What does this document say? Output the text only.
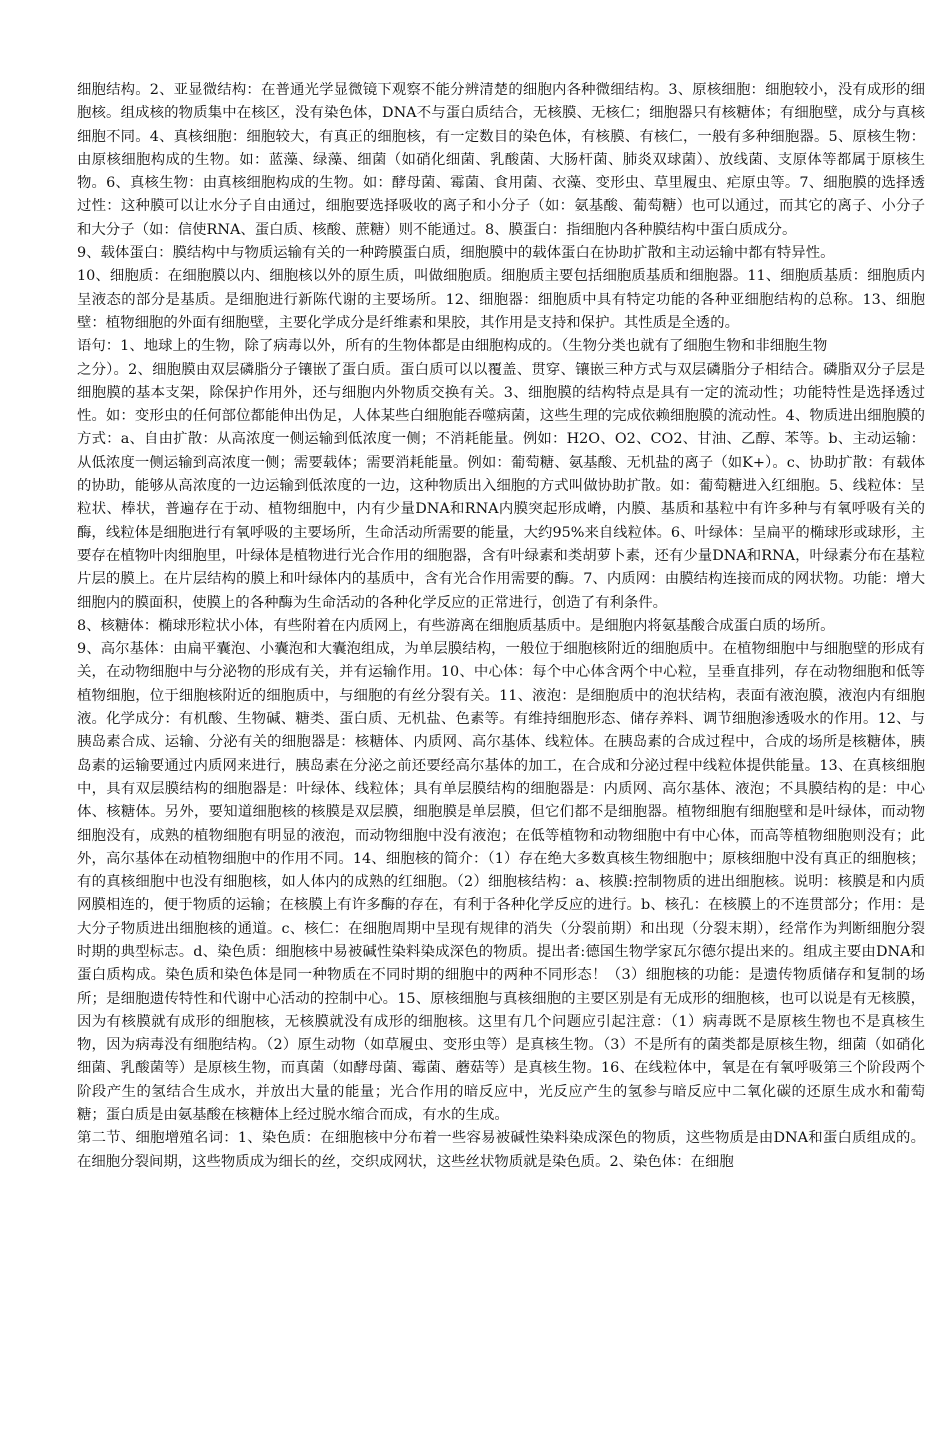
细胞结构。2、亚显微结构：在普通光学显微镜下观察不能分辨清楚的细胞内各种微细结构。3、原核细胞：细胞较小，没有成形的细胞核。组成核的物质集中在核区，没有染色体，DNA不与蛋白质结合，无核膜、无核仁；细胞器只有核糖体；有细胞壁，成分与真核细胞不同。4、真核细胞：细胞较大，有真正的细胞核，有一定数目的染色体，有核膜、有核仁，一般有多种细胞器。5、原核生物：由原核细胞构成的生物。如：蓝藻、绿藻、细菌（如硝化细菌、乳酸菌、大肠杆菌、肺炎双球菌）、放线菌、支原体等都属于原核生物。6、真核生物：由真核细胞构成的生物。如：酵母菌、霉菌、食用菌、衣藻、变形虫、草里履虫、疟原虫等。7、细胞膜的选择透过性：这种膜可以让水分子自由通过，细胞要选择吸收的离子和小分子（如：氨基酸、葡萄糖）也可以通过，而其它的离子、小分子和大分子（如：信使RNA、蛋白质、核酸、蔗糖）则不能通过。8、膜蛋白：指细胞内各种膜结构中蛋白质成分。

9、载体蛋白：膜结构中与物质运输有关的一种跨膜蛋白质，细胞膜中的载体蛋白在协助扩散和主动运输中都有特异性。

10、细胞质：在细胞膜以内、细胞核以外的原生质，叫做细胞质。细胞质主要包括细胞质基质和细胞器。11、细胞质基质：细胞质内呈液态的部分是基质。是细胞进行新陈代谢的主要场所。12、细胞器：细胞质中具有特定功能的各种亚细胞结构的总称。13、细胞壁：植物细胞的外面有细胞壁，主要化学成分是纤维素和果胶，其作用是支持和保护。其性质是全透的。

语句：1、地球上的生物，除了病毒以外，所有的生物体都是由细胞构成的。（生物分类也就有了细胞生物和非细胞生物

之分）。2、细胞膜由双层磷脂分子镶嵌了蛋白质。蛋白质可以以覆盖、贯穿、镶嵌三种方式与双层磷脂分子相结合。磷脂双分子层是细胞膜的基本支架，除保护作用外，还与细胞内外物质交换有关。3、细胞膜的结构特点是具有一定的流动性；功能特性是选择透过性。如：变形虫的任何部位都能伸出伪足，人体某些白细胞能吞噬病菌，这些生理的完成依赖细胞膜的流动性。4、物质进出细胞膜的方式：a、自由扩散：从高浓度一侧运输到低浓度一侧；不消耗能量。例如：H2O、O2、CO2、甘油、乙醇、苯等。b、主动运输：从低浓度一侧运输到高浓度一侧；需要载体；需要消耗能量。例如：葡萄糖、氨基酸、无机盐的离子（如K+）。c、协助扩散：有载体的协助，能够从高浓度的一边运输到低浓度的一边，这种物质出入细胞的方式叫做协助扩散。如：葡萄糖进入红细胞。5、线粒体：呈粒状、棒状，普遍存在于动、植物细胞中，内有少量DNA和RNA内膜突起形成嵴，内膜、基质和基粒中有许多种与有氧呼吸有关的酶，线粒体是细胞进行有氧呼吸的主要场所，生命活动所需要的能量，大约95%来自线粒体。6、叶绿体：呈扁平的椭球形或球形，主要存在植物叶肉细胞里，叶绿体是植物进行光合作用的细胞器，含有叶绿素和类胡萝卜素，还有少量DNA和RNA，叶绿素分布在基粒片层的膜上。在片层结构的膜上和叶绿体内的基质中，含有光合作用需要的酶。7、内质网：由膜结构连接而成的网状物。功能：增大细胞内的膜面积，使膜上的各种酶为生命活动的各种化学反应的正常进行，创造了有利条件。

8、核糖体：椭球形粒状小体，有些附着在内质网上，有些游离在细胞质基质中。是细胞内将氨基酸合成蛋白质的场所。

9、高尔基体：由扁平囊泡、小囊泡和大囊泡组成，为单层膜结构，一般位于细胞核附近的细胞质中。在植物细胞中与细胞壁的形成有关，在动物细胞中与分泌物的形成有关，并有运输作用。10、中心体：每个中心体含两个中心粒，呈垂直排列，存在动物细胞和低等植物细胞，位于细胞核附近的细胞质中，与细胞的有丝分裂有关。11、液泡：是细胞质中的泡状结构，表面有液泡膜，液泡内有细胞液。化学成分：有机酸、生物碱、糖类、蛋白质、无机盐、色素等。有维持细胞形态、储存养料、调节细胞渗透吸水的作用。12、与胰岛素合成、运输、分泌有关的细胞器是：核糖体、内质网、高尔基体、线粒体。在胰岛素的合成过程中，合成的场所是核糖体，胰岛素的运输要通过内质网来进行，胰岛素在分泌之前还要经高尔基体的加工，在合成和分泌过程中线粒体提供能量。13、在真核细胞中，具有双层膜结构的细胞器是：叶绿体、线粒体；具有单层膜结构的细胞器是：内质网、高尔基体、液泡；不具膜结构的是：中心体、核糖体。另外，要知道细胞核的核膜是双层膜，细胞膜是单层膜，但它们都不是细胞器。植物细胞有细胞壁和是叶绿体，而动物细胞没有，成熟的植物细胞有明显的液泡，而动物细胞中没有液泡；在低等植物和动物细胞中有中心体，而高等植物细胞则没有；此外，高尔基体在动植物细胞中的作用不同。14、细胞核的简介：（1）存在绝大多数真核生物细胞中；原核细胞中没有真正的细胞核；有的真核细胞中也没有细胞核，如人体内的成熟的红细胞。（2）细胞核结构：a、核膜:控制物质的进出细胞核。说明：核膜是和内质网膜相连的，便于物质的运输；在核膜上有许多酶的存在，有利于各种化学反应的进行。b、核孔：在核膜上的不连贯部分；作用：是大分子物质进出细胞核的通道。c、核仁：在细胞周期中呈现有规律的消失（分裂前期）和出现（分裂末期），经常作为判断细胞分裂时期的典型标志。d、染色质：细胞核中易被碱性染料染成深色的物质。提出者:德国生物学家瓦尔德尔提出来的。组成主要由DNA和蛋白质构成。染色质和染色体是同一种物质在不同时期的细胞中的两种不同形态！（3）细胞核的功能：是遗传物质储存和复制的场所；是细胞遗传特性和代谢中心活动的控制中心。15、原核细胞与真核细胞的主要区别是有无成形的细胞核，也可以说是有无核膜，因为有核膜就有成形的细胞核，无核膜就没有成形的细胞核。这里有几个问题应引起注意：（1）病毒既不是原核生物也不是真核生物，因为病毒没有细胞结构。（2）原生动物（如草履虫、变形虫等）是真核生物。（3）不是所有的菌类都是原核生物，细菌（如硝化细菌、乳酸菌等）是原核生物，而真菌（如酵母菌、霉菌、蘑菇等）是真核生物。16、在线粒体中，氧是在有氧呼吸第三个阶段两个阶段产生的氢结合生成水，并放出大量的能量；光合作用的暗反应中，光反应产生的氢参与暗反应中二氧化碳的还原生成水和葡萄糖；蛋白质是由氨基酸在核糖体上经过脱水缩合而成，有水的生成。

第二节、细胞增殖名词：1、染色质：在细胞核中分布着一些容易被碱性染料染成深色的物质，这些物质是由DNA和蛋白质组成的。在细胞分裂间期，这些物质成为细长的丝，交织成网状，这些丝状物质就是染色质。2、染色体：在细胞
